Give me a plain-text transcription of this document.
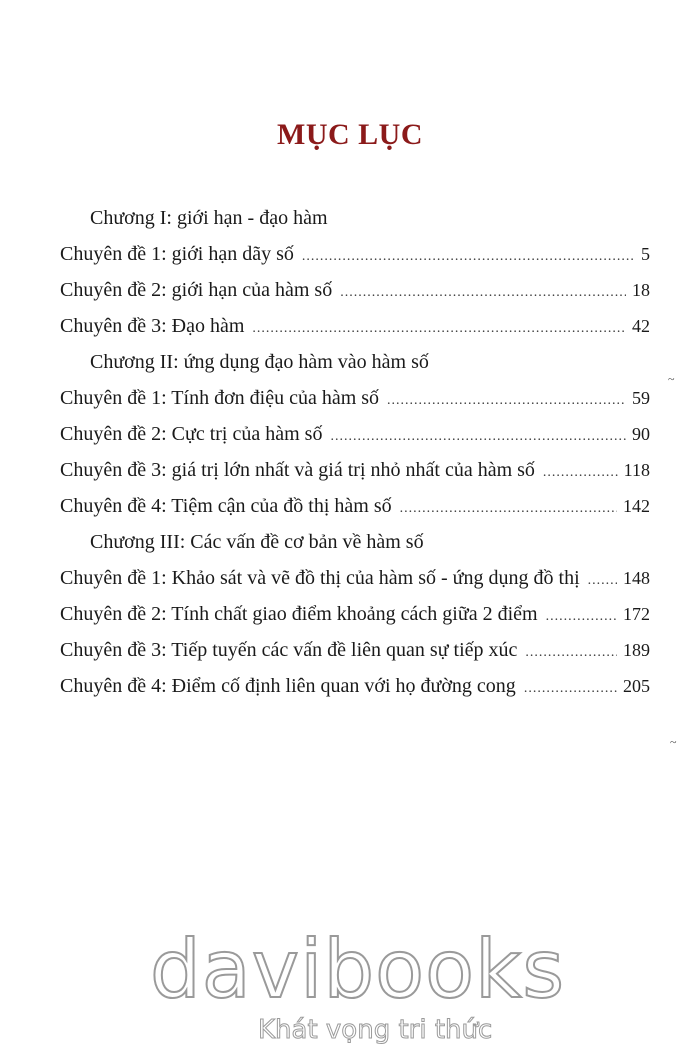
MỤC LỤC
Chương I: giới hạn - đạo hàm
Chuyên đề 1: giới hạn dãy số .....	5
Chuyên đề 2: giới hạn của hàm số .....	18
Chuyên đề 3: Đạo hàm .....	42
Chương II: ứng dụng đạo hàm vào hàm số
Chuyên đề 1: Tính đơn điệu của hàm số .....	59
Chuyên đề 2: Cực trị của hàm số .....	90
Chuyên đề 3: giá trị lớn nhất và giá trị nhỏ nhất của hàm số .....	118
Chuyên đề 4: Tiệm cận của đồ thị hàm số .....	142
Chương III: Các vấn đề cơ bản về hàm số
Chuyên đề 1: Khảo sát và vẽ đồ thị của hàm số - ứng dụng đồ thị ..... 148
Chuyên đề 2: Tính chất giao điểm khoảng cách giữa 2 điểm .....	172
Chuyên đề 3: Tiếp tuyến các vấn đề liên quan sự tiếp xúc .....	189
Chuyên đề 4: Điểm cố định liên quan với họ đường cong .....	205
~
~
davibooks
Khát vọng tri thức
